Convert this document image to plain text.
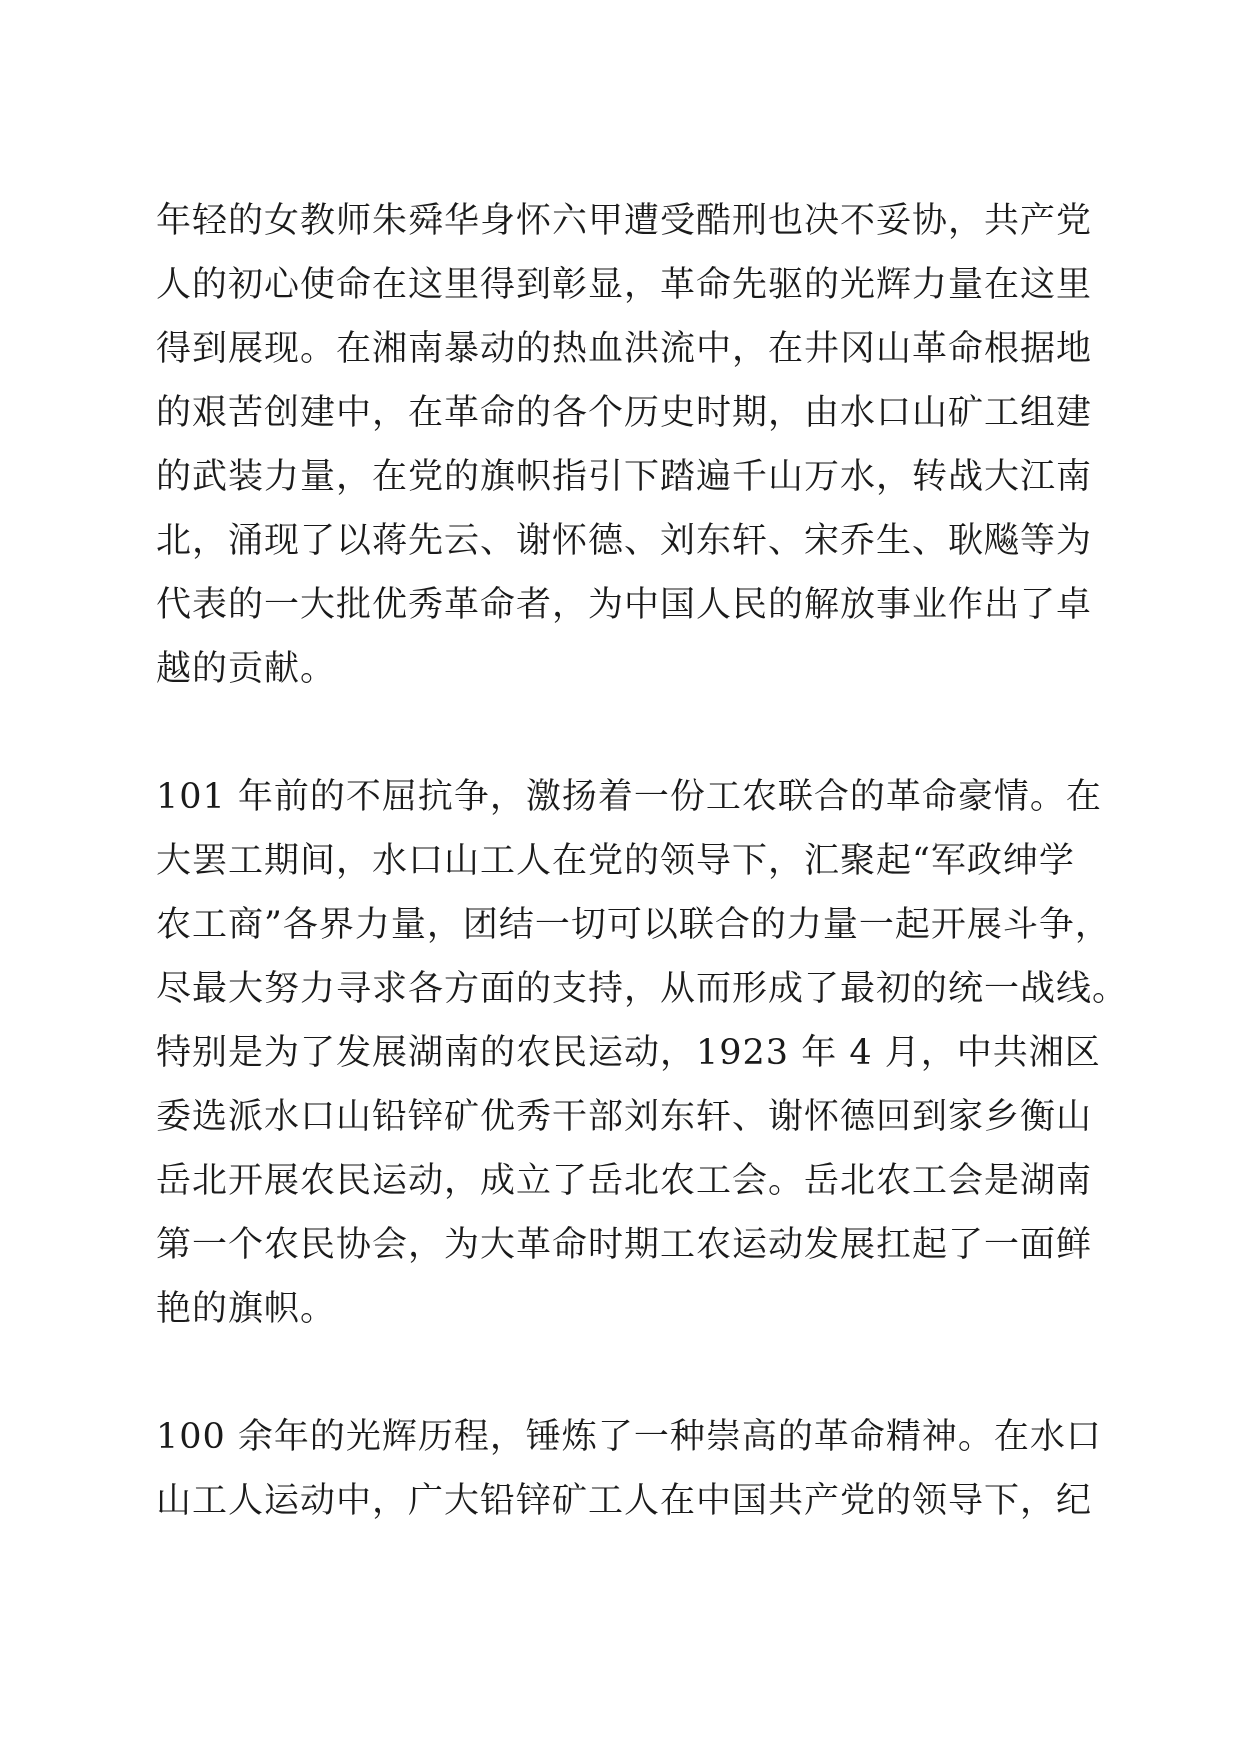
年轻的女教师朱舜华身怀六甲遭受酷刑也决不妥协，共产党
人的初心使命在这里得到彰显，革命先驱的光辉力量在这里
得到展现。在湘南暴动的热血洪流中，在井冈山革命根据地
的艰苦创建中，在革命的各个历史时期，由水口山矿工组建
的武装力量，在党的旗帜指引下踏遍千山万水，转战大江南
北，涌现了以蒋先云、谢怀德、刘东轩、宋乔生、耿飚等为
代表的一大批优秀革命者，为中国人民的解放事业作出了卓
越的贡献。
101 年前的不屈抗争，激扬着一份工农联合的革命豪情。在
大罢工期间，水口山工人在党的领导下，汇聚起“军政绅学
农工商”各界力量，团结一切可以联合的力量一起开展斗争，
尽最大努力寻求各方面的支持，从而形成了最初的统一战线。
特别是为了发展湖南的农民运动，1923 年 4 月，中共湘区
委选派水口山铅锌矿优秀干部刘东轩、谢怀德回到家乡衡山
岳北开展农民运动，成立了岳北农工会。岳北农工会是湖南
第一个农民协会，为大革命时期工农运动发展扛起了一面鲜
艳的旗帜。
100 余年的光辉历程，锤炼了一种崇高的革命精神。在水口
山工人运动中，广大铅锌矿工人在中国共产党的领导下，纪
